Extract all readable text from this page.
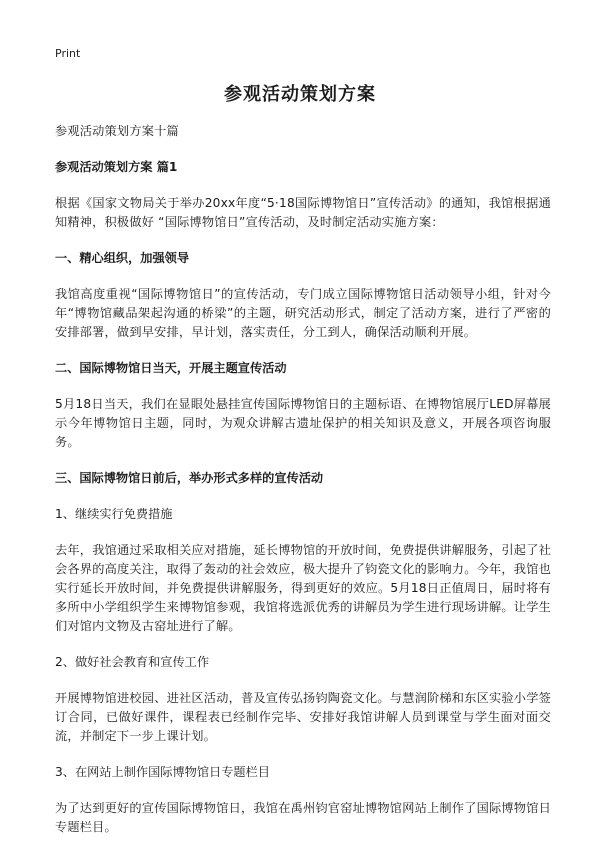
Print
参观活动策划方案

参观活动策划方案十篇

参观活动策划方案 篇1

根据《国家文物局关于举办20xx年度“5·18国际博物馆日”宣传活动》的通知，我馆根据通知精神，积极做好 “国际博物馆日”宣传活动，及时制定活动实施方案：

一、精心组织，加强领导

我馆高度重视“国际博物馆日”的宣传活动，专门成立国际博物馆日活动领导小组，针对今年“博物馆藏品架起沟通的桥梁”的主题，研究活动形式，制定了活动方案，进行了严密的安排部署，做到早安排，早计划，落实责任，分工到人，确保活动顺利开展。

二、国际博物馆日当天，开展主题宣传活动

5月18日当天，我们在显眼处悬挂宣传国际博物馆日的主题标语、在博物馆展厅LED屏幕展示今年博物馆日主题，同时，为观众讲解古遗址保护的相关知识及意义，开展各项咨询服务。

三、国际博物馆日前后，举办形式多样的宣传活动

1、继续实行免费措施

去年，我馆通过采取相关应对措施，延长博物馆的开放时间，免费提供讲解服务，引起了社会各界的高度关注，取得了轰动的社会效应，极大提升了钧瓷文化的影响力。今年，我馆也实行延长开放时间，并免费提供讲解服务，得到更好的效应。5月18日正值周日，届时将有多所中小学组织学生来博物馆参观，我馆将选派优秀的讲解员为学生进行现场讲解。让学生们对馆内文物及古窑址进行了解。

2、做好社会教育和宣传工作

开展博物馆进校园、进社区活动，普及宣传弘扬钧陶瓷文化。与慧润阶梯和东区实验小学签订合同，已做好课件，课程表已经制作完毕、安排好我馆讲解人员到课堂与学生面对面交流，并制定下一步上课计划。

3、在网站上制作国际博物馆日专题栏目

为了达到更好的宣传国际博物馆日，我馆在禹州钧官窑址博物馆网站上制作了国际博物馆日专题栏目。
